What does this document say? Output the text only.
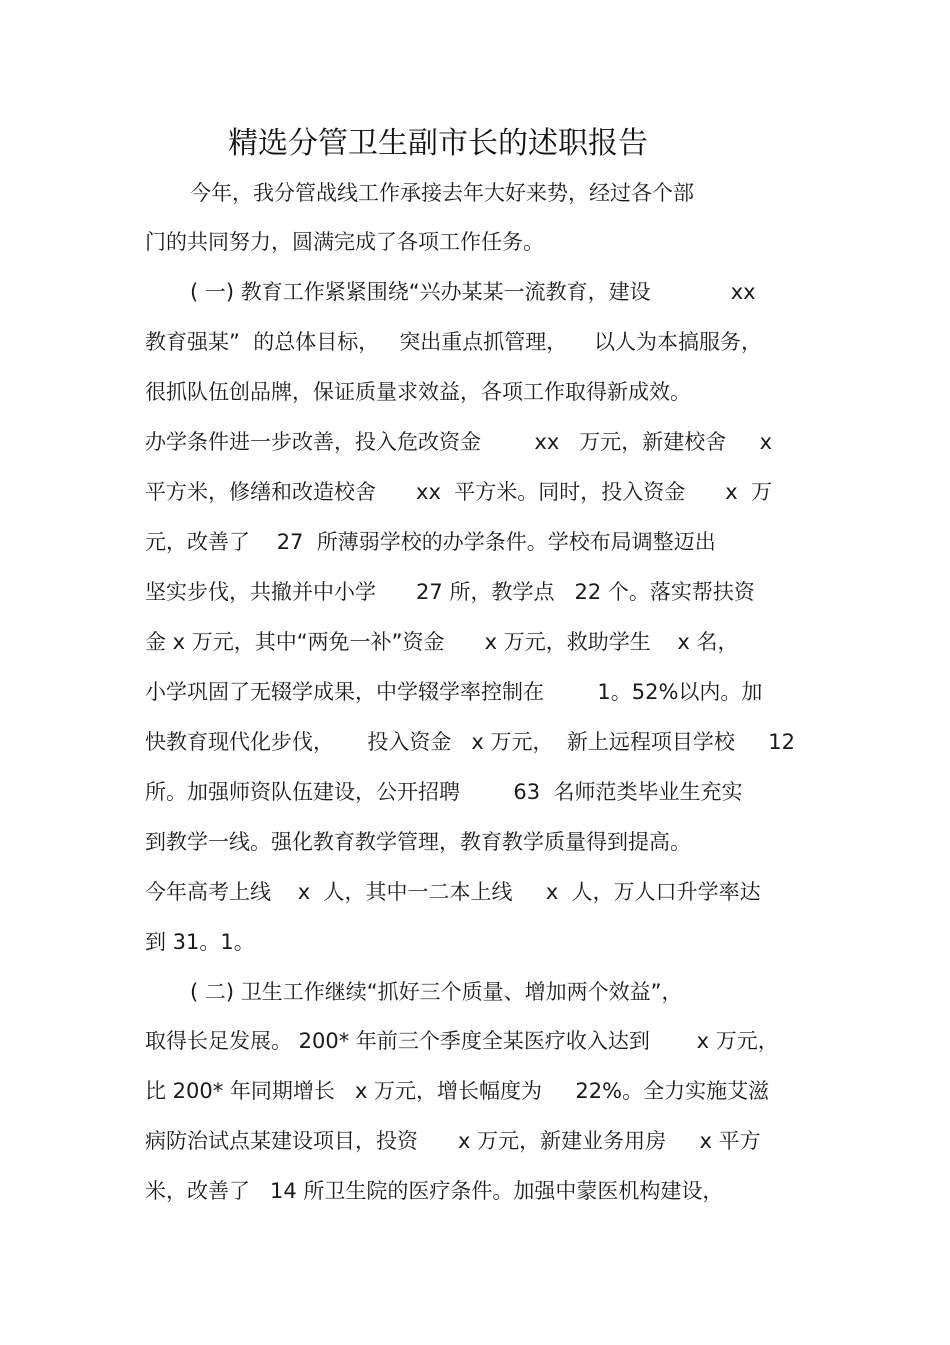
精选分管卫生副市长的述职报告
今年，我分管战线工作承接去年大好来势，经过各个部
门的共同努力，圆满完成了各项工作任务。
( 一) 教育工作紧紧围绕“兴办某某一流教育，建设            xx
教育强某”  的总体目标，   突出重点抓管理，    以人为本搞服务，
很抓队伍创品牌，保证质量求效益，各项工作取得新成效。
办学条件进一步改善，投入危改资金        xx   万元，新建校舍     x
平方米，修缮和改造校舍      xx  平方米。同时，投入资金      x  万
元，改善了    27  所薄弱学校的办学条件。学校布局调整迈出
坚实步伐，共撤并中小学      27 所，教学点   22 个。落实帮扶资
金 x 万元，其中“两免一补”资金      x 万元，救助学生    x 名，
小学巩固了无辍学成果，中学辍学率控制在        1。52%以内。加
快教育现代化步伐，     投入资金   x 万元，  新上远程项目学校     12
所。加强师资队伍建设，公开招聘        63  名师范类毕业生充实
到教学一线。强化教育教学管理，教育教学质量得到提高。
今年高考上线    x  人，其中一二本上线     x  人，万人口升学率达
到 31。1。
( 二) 卫生工作继续“抓好三个质量、增加两个效益”，
取得长足发展。 200* 年前三个季度全某医疗收入达到       x 万元，
比 200* 年同期增长   x 万元，增长幅度为     22%。全力实施艾滋
病防治试点某建设项目，投资      x 万元，新建业务用房     x 平方
米，改善了   14 所卫生院的医疗条件。加强中蒙医机构建设，
